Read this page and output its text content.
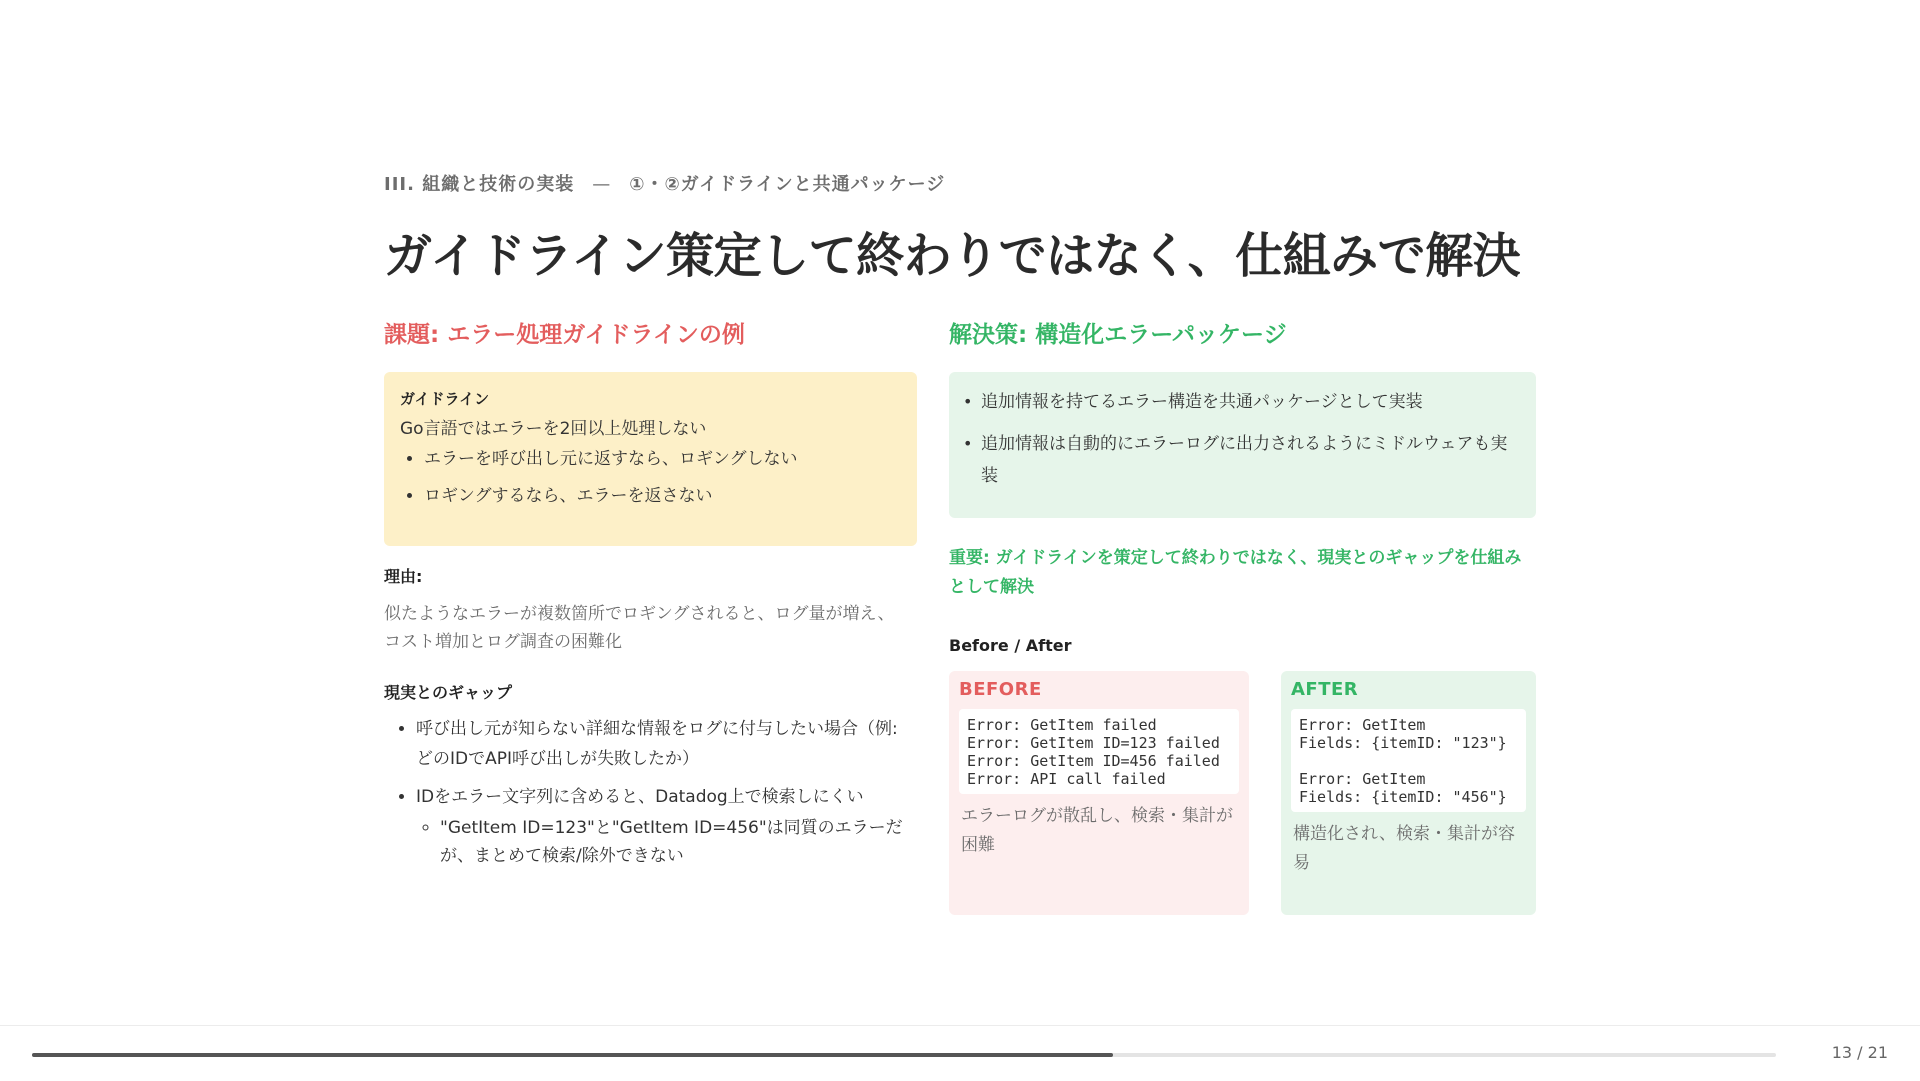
III. 組織と技術の実装 — ①・②ガイドラインと共通パッケージ
ガイドライン策定して終わりではなく、仕組みで解決
課題: エラー処理ガイドラインの例
ガイドライン
Go言語ではエラーを2回以上処理しない
• エラーを呼び出し元に返すなら、ロギングしない
• ロギングするなら、エラーを返さない
理由:
似たようなエラーが複数箇所でロギングされると、ログ量が増え、コスト増加とログ調査の困難化
現実とのギャップ
• 呼び出し元が知らない詳細な情報をログに付与したい場合（例: どのIDでAPI呼び出しが失敗したか）
• IDをエラー文字列に含めると、Datadog上で検索しにくい
◦ "GetItem ID=123"と"GetItem ID=456"は同質のエラーだが、まとめて検索/除外できない
解決策: 構造化エラーパッケージ
• 追加情報を持てるエラー構造を共通パッケージとして実装
• 追加情報は自動的にエラーログに出力されるようにミドルウェアも実装
重要: ガイドラインを策定して終わりではなく、現実とのギャップを仕組みとして解決
Before / After
BEFORE
Error: GetItem failed
Error: GetItem ID=123 failed
Error: GetItem ID=456 failed
Error: API call failed
エラーログが散乱し、検索・集計が困難
AFTER
Error: GetItem
Fields: {itemID: "123"}

Error: GetItem
Fields: {itemID: "456"}
構造化され、検索・集計が容易
13 / 21
